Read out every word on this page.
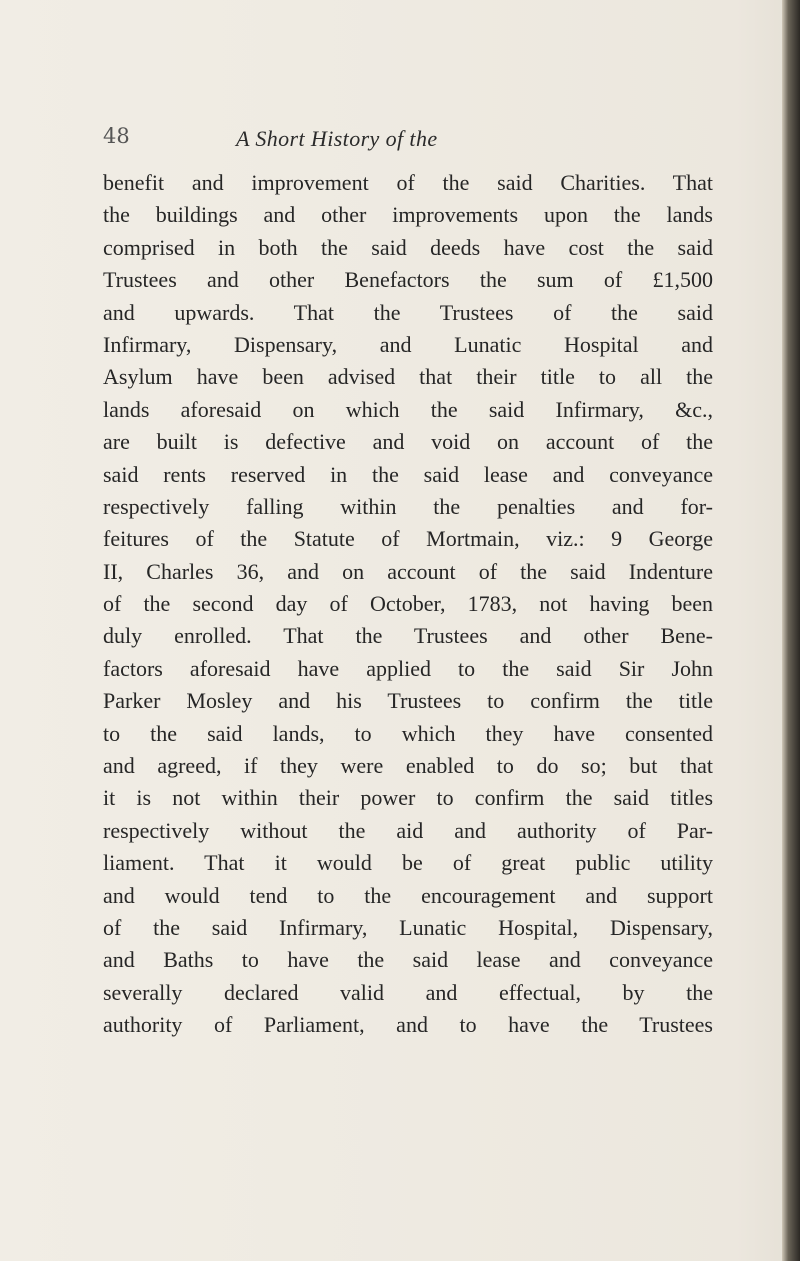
48	A Short History of the
benefit and improvement of the said Charities. That
the buildings and other improvements upon the lands
comprised in both the said deeds have cost the said
Trustees and other Benefactors the sum of £1,500
and upwards. That the Trustees of the said
Infirmary, Dispensary, and Lunatic Hospital and
Asylum have been advised that their title to all the
lands aforesaid on which the said Infirmary, &c.,
are built is defective and void on account of the
said rents reserved in the said lease and conveyance
respectively falling within the penalties and for-
feitures of the Statute of Mortmain, viz.: 9 George
II, Charles 36, and on account of the said Indenture
of the second day of October, 1783, not having been
duly enrolled. That the Trustees and other Bene-
factors aforesaid have applied to the said Sir John
Parker Mosley and his Trustees to confirm the title
to the said lands, to which they have consented
and agreed, if they were enabled to do so; but that
it is not within their power to confirm the said titles
respectively without the aid and authority of Par-
liament. That it would be of great public utility
and would tend to the encouragement and support
of the said Infirmary, Lunatic Hospital, Dispensary,
and Baths to have the said lease and conveyance
severally declared valid and effectual, by the
authority of Parliament, and to have the Trustees
